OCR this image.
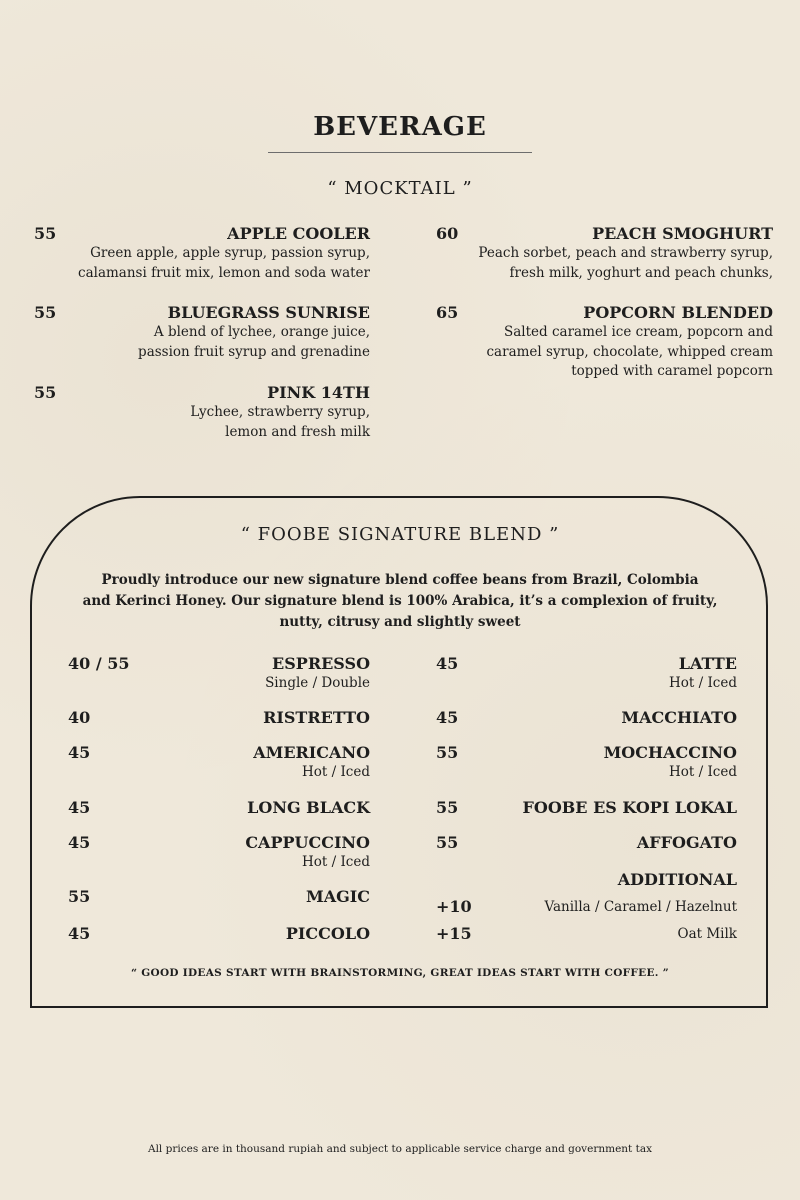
BEVERAGE
“ MOCKTAIL ”
55	APPLE COOLER
Green apple, apple syrup, passion syrup,
calamansi fruit mix, lemon and soda water
60	PEACH SMOGHURT
Peach sorbet, peach and strawberry syrup,
fresh milk, yoghurt and peach chunks,
55	BLUEGRASS SUNRISE
A blend of lychee, orange juice,
passion fruit syrup and grenadine
65	POPCORN BLENDED
Salted caramel ice cream, popcorn and
caramel syrup, chocolate, whipped cream
topped with caramel popcorn
55	PINK 14TH
Lychee, strawberry syrup,
lemon and fresh milk
“ FOOBE SIGNATURE BLEND ”
Proudly introduce our new signature blend coffee beans from Brazil, Colombia
and Kerinci Honey. Our signature blend is 100% Arabica, it’s a complexion of fruity,
nutty, citrusy and slightly sweet
40 / 55	ESPRESSO
Single / Double
40	RISTRETTO
45	AMERICANO
Hot / Iced
45	LONG BLACK
45	CAPPUCCINO
Hot / Iced
55	MAGIC
45	PICCOLO
45	LATTE
Hot / Iced
45	MACCHIATO
55	MOCHACCINO
Hot / Iced
55	FOOBE ES KOPI LOKAL
55	AFFOGATO
ADDITIONAL
+10	Vanilla / Caramel / Hazelnut
+15	Oat Milk
“ GOOD IDEAS START WITH BRAINSTORMING, GREAT IDEAS START WITH COFFEE. ”
All prices are in thousand rupiah and subject to applicable service charge and government tax
